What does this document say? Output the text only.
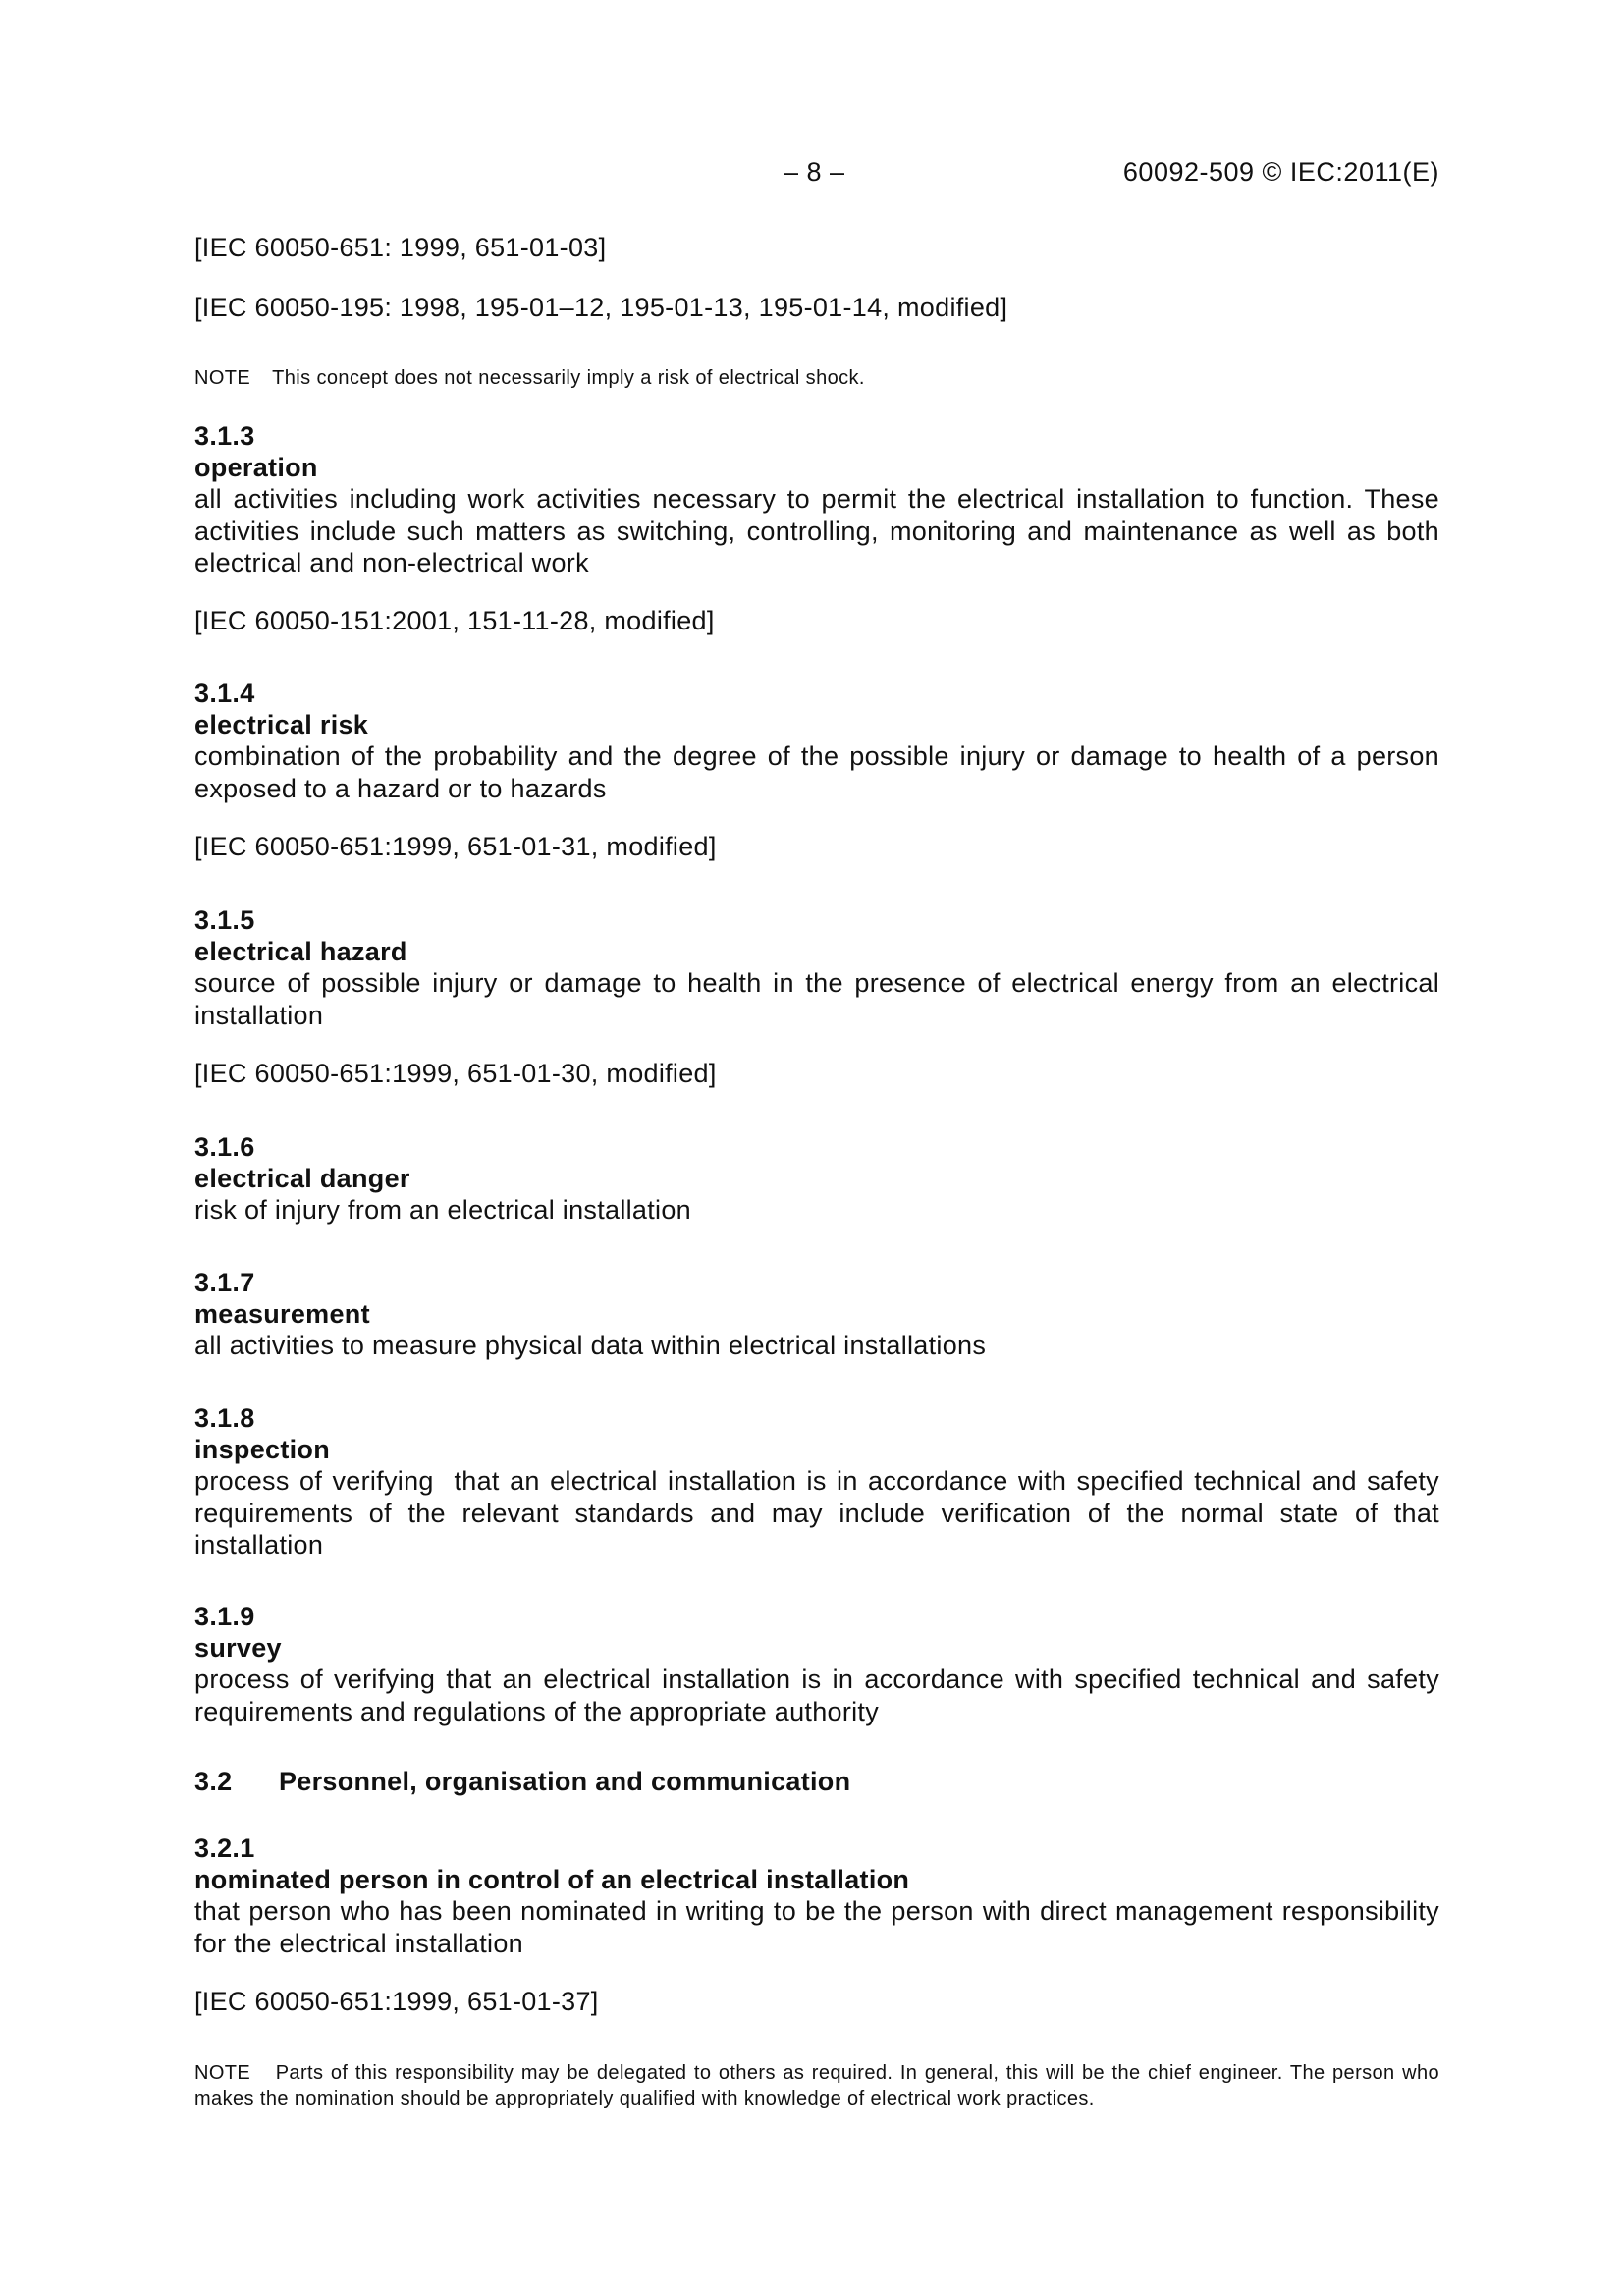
– 8 –	60092-509 © IEC:2011(E)
[IEC 60050-651: 1999, 651-01-03]
[IEC 60050-195: 1998, 195-01–12, 195-01-13, 195-01-14, modified]
NOTE This concept does not necessarily imply a risk of electrical shock.
3.1.3
operation
all activities including work activities necessary to permit the electrical installation to function. These activities include such matters as switching, controlling, monitoring and maintenance as well as both electrical and non-electrical work
[IEC 60050-151:2001, 151-11-28, modified]
3.1.4
electrical risk
combination of the probability and the degree of the possible injury or damage to health of a person exposed to a hazard or to hazards
[IEC 60050-651:1999, 651-01-31, modified]
3.1.5
electrical hazard
source of possible injury or damage to health in the presence of electrical energy from an electrical installation
[IEC 60050-651:1999, 651-01-30, modified]
3.1.6
electrical danger
risk of injury from an electrical installation
3.1.7
measurement
all activities to measure physical data within electrical installations
3.1.8
inspection
process of verifying  that an electrical installation is in accordance with specified technical and safety requirements of the relevant standards and may include verification of the normal state of that installation
3.1.9
survey
process of verifying that an electrical installation is in accordance with specified technical and safety requirements and regulations of the appropriate authority
3.2 Personnel, organisation and communication
3.2.1
nominated person in control of an electrical installation
that person who has been nominated in writing to be the person with direct management responsibility for the electrical installation
[IEC 60050-651:1999, 651-01-37]
NOTE Parts of this responsibility may be delegated to others as required. In general, this will be the chief engineer. The person who makes the nomination should be appropriately qualified with knowledge of electrical work practices.
